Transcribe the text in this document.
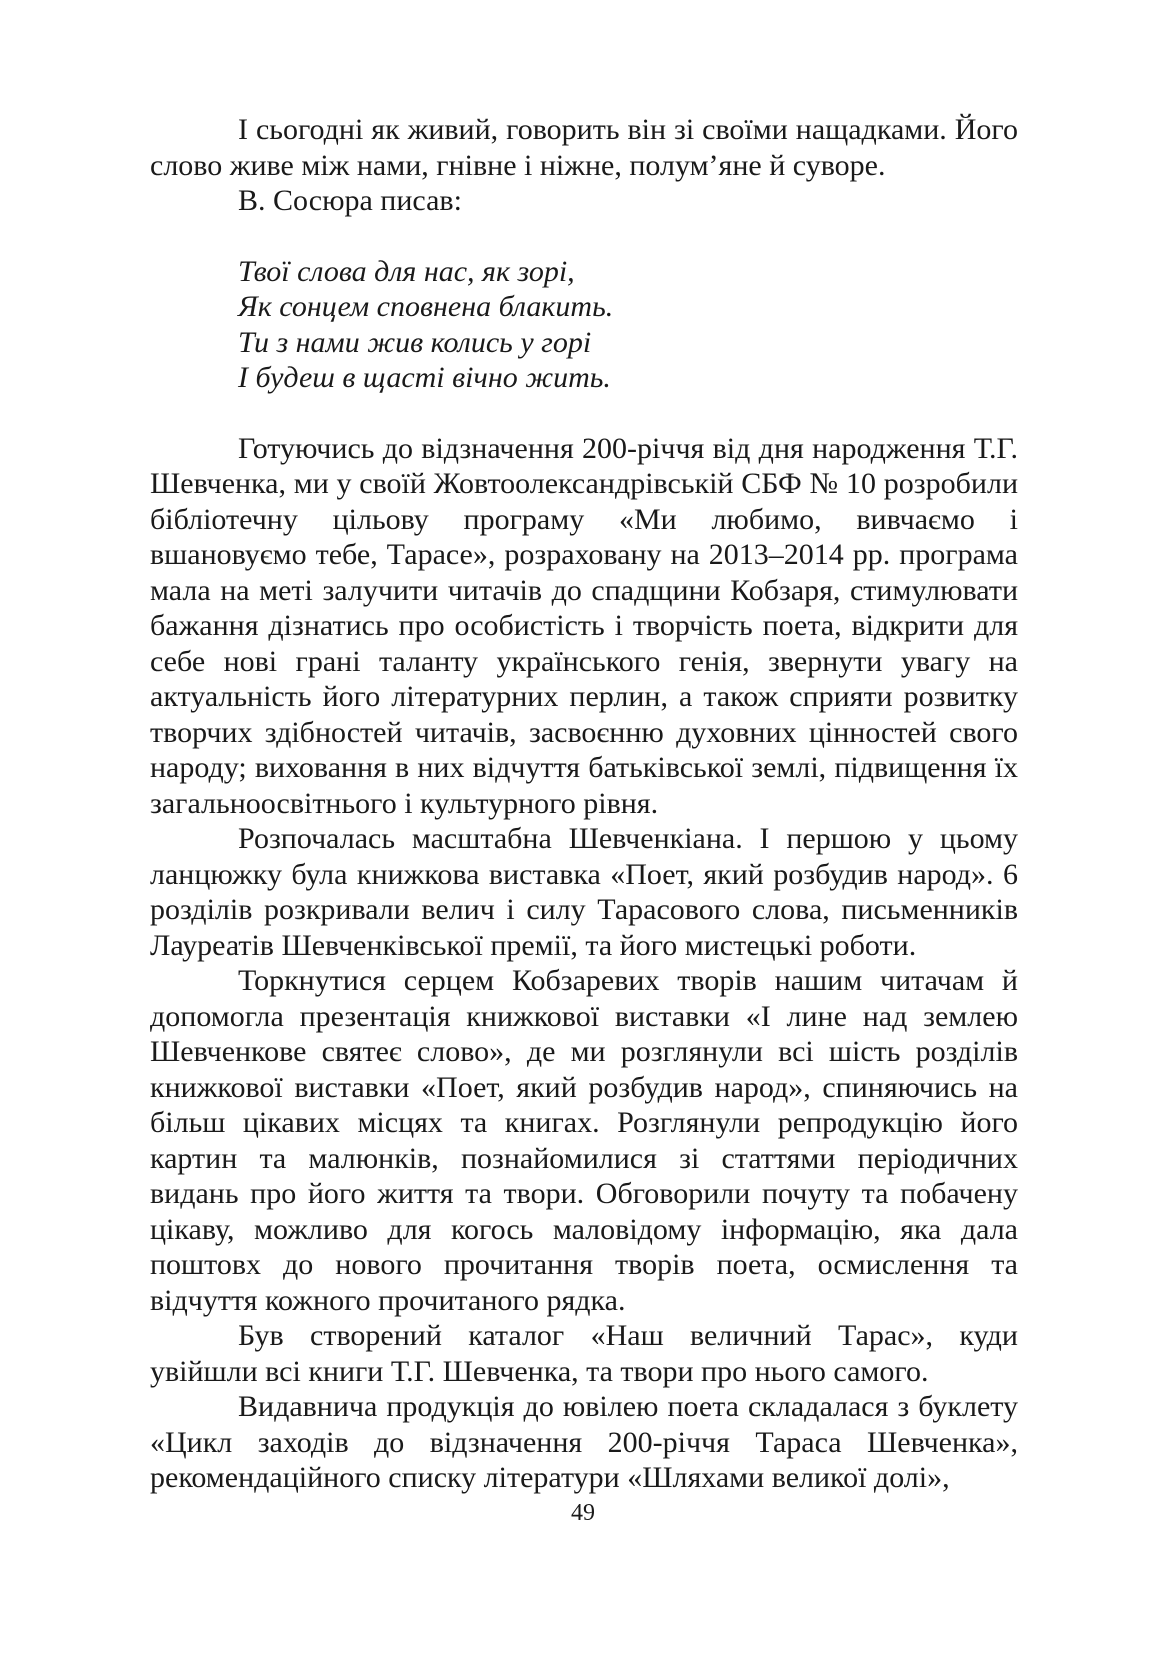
І сьогодні як живий, говорить він зі своїми нащадками. Його слово живе між нами, гнівне і ніжне, полум’яне й суворе.

В. Сосюра писав:

Твої слова для нас, як зорі,
Як сонцем сповнена блакить.
Ти з нами жив колись у горі
І будеш в щасті вічно жить.

Готуючись до відзначення 200-річчя від дня народження Т.Г. Шевченка, ми у своїй Жовтоолександрівській СБФ № 10 розробили бібліотечну цільову програму «Ми любимо, вивчаємо і вшановуємо тебе, Тарасе», розраховану на 2013–2014 рр. програма мала на меті залучити читачів до спадщини Кобзаря, стимулювати бажання дізнатись про особистість і творчість поета, відкрити для себе нові грані таланту українського генія, звернути увагу на актуальність його літературних перлин, а також сприяти розвитку творчих здібностей читачів, засвоєнню духовних цінностей свого народу; виховання в них відчуття батьківської землі, підвищення їх загальноосвітнього і культурного рівня.

Розпочалась масштабна Шевченкіана. І першою у цьому ланцюжку була книжкова виставка «Поет, який розбудив народ». 6 розділів розкривали велич і силу Тарасового слова, письменників Лауреатів Шевченківської премії, та його мистецькі роботи.

Торкнутися серцем Кобзаревих творів нашим читачам й допомогла презентація книжкової виставки «І лине над землею Шевченкове святеє слово», де ми розглянули всі шість розділів книжкової виставки «Поет, який розбудив народ», спиняючись на більш цікавих місцях та книгах. Розглянули репродукцію його картин та малюнків, познайомилися зі статтями періодичних видань про його життя та твори. Обговорили почуту та побачену цікаву, можливо для когось маловідому інформацію, яка дала поштовх до нового прочитання творів поета, осмислення та відчуття кожного прочитаного рядка.

Був створений каталог «Наш величний Тарас», куди увійшли всі книги Т.Г. Шевченка, та твори про нього самого.

Видавнича продукція до ювілею поета складалася з буклету «Цикл заходів до відзначення 200-річчя Тараса Шевченка», рекомендаційного списку літератури «Шляхами великої долі»,

49
